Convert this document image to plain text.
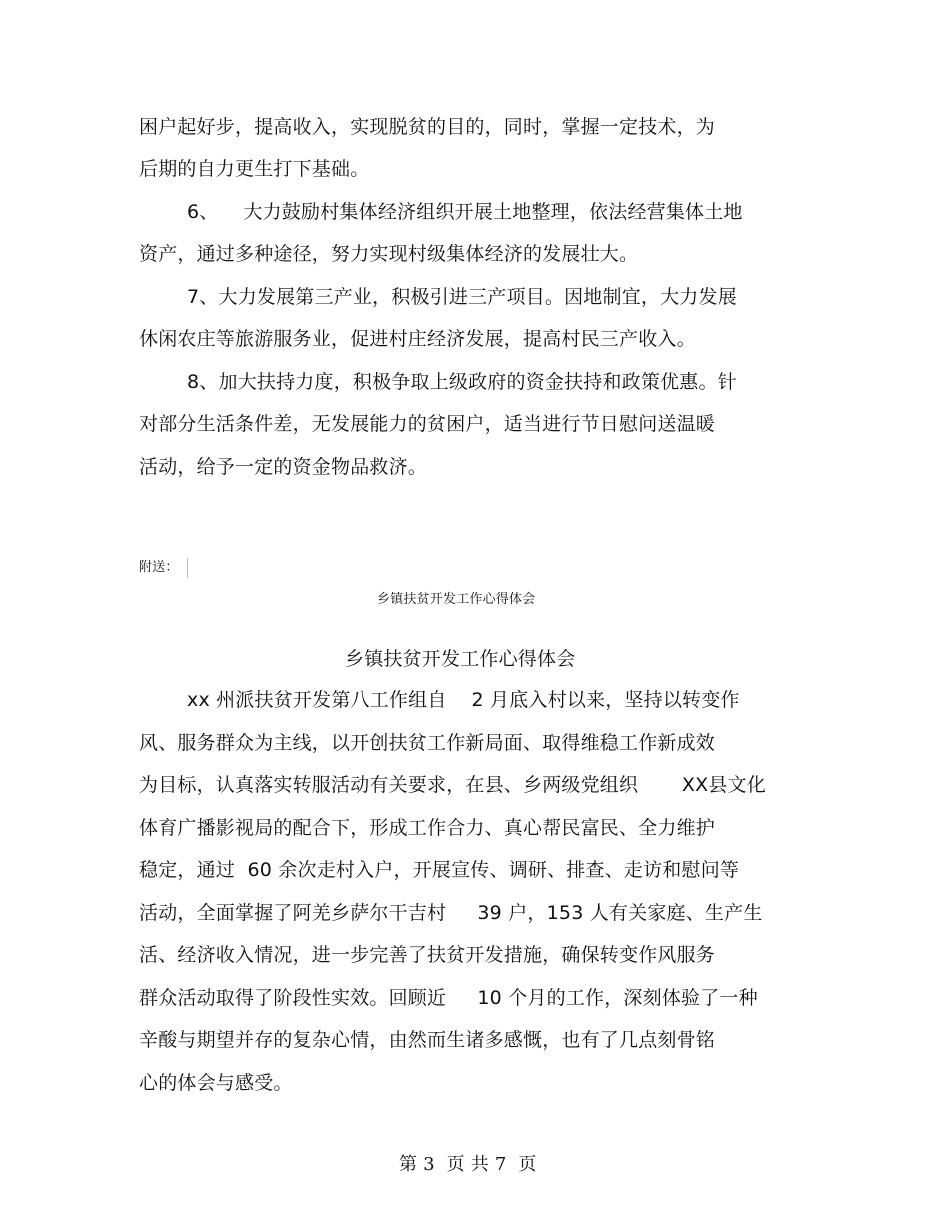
困户起好步，提高收入，实现脱贫的目的，同时，掌握一定技术，为
后期的自力更生打下基础。
6、    大力鼓励村集体经济组织开展土地整理，依法经营集体土地
资产，通过多种途径，努力实现村级集体经济的发展壮大。
7、大力发展第三产业，积极引进三产项目。因地制宜，大力发展
休闲农庄等旅游服务业，促进村庄经济发展，提高村民三产收入。
8、加大扶持力度，积极争取上级政府的资金扶持和政策优惠。针
对部分生活条件差，无发展能力的贫困户，适当进行节日慰问送温暖
活动，给予一定的资金物品救济。
附送：
乡镇扶贫开发工作心得体会
乡镇扶贫开发工作心得体会
xx 州派扶贫开发第八工作组自    2 月底入村以来，坚持以转变作
风、服务群众为主线，以开创扶贫工作新局面、取得维稳工作新成效
为目标，认真落实转服活动有关要求，在县、乡两级党组织       XX县文化
体育广播影视局的配合下，形成工作合力、真心帮民富民、全力维护
稳定，通过  60 余次走村入户，开展宣传、调研、排查、走访和慰问等
活动，全面掌握了阿羌乡萨尔干吉村     39 户，153 人有关家庭、生产生
活、经济收入情况，进一步完善了扶贫开发措施，确保转变作风服务
群众活动取得了阶段性实效。回顾近     10 个月的工作，深刻体验了一种
辛酸与期望并存的复杂心情，由然而生诸多感慨，也有了几点刻骨铭
心的体会与感受。
第 3  页 共 7  页
